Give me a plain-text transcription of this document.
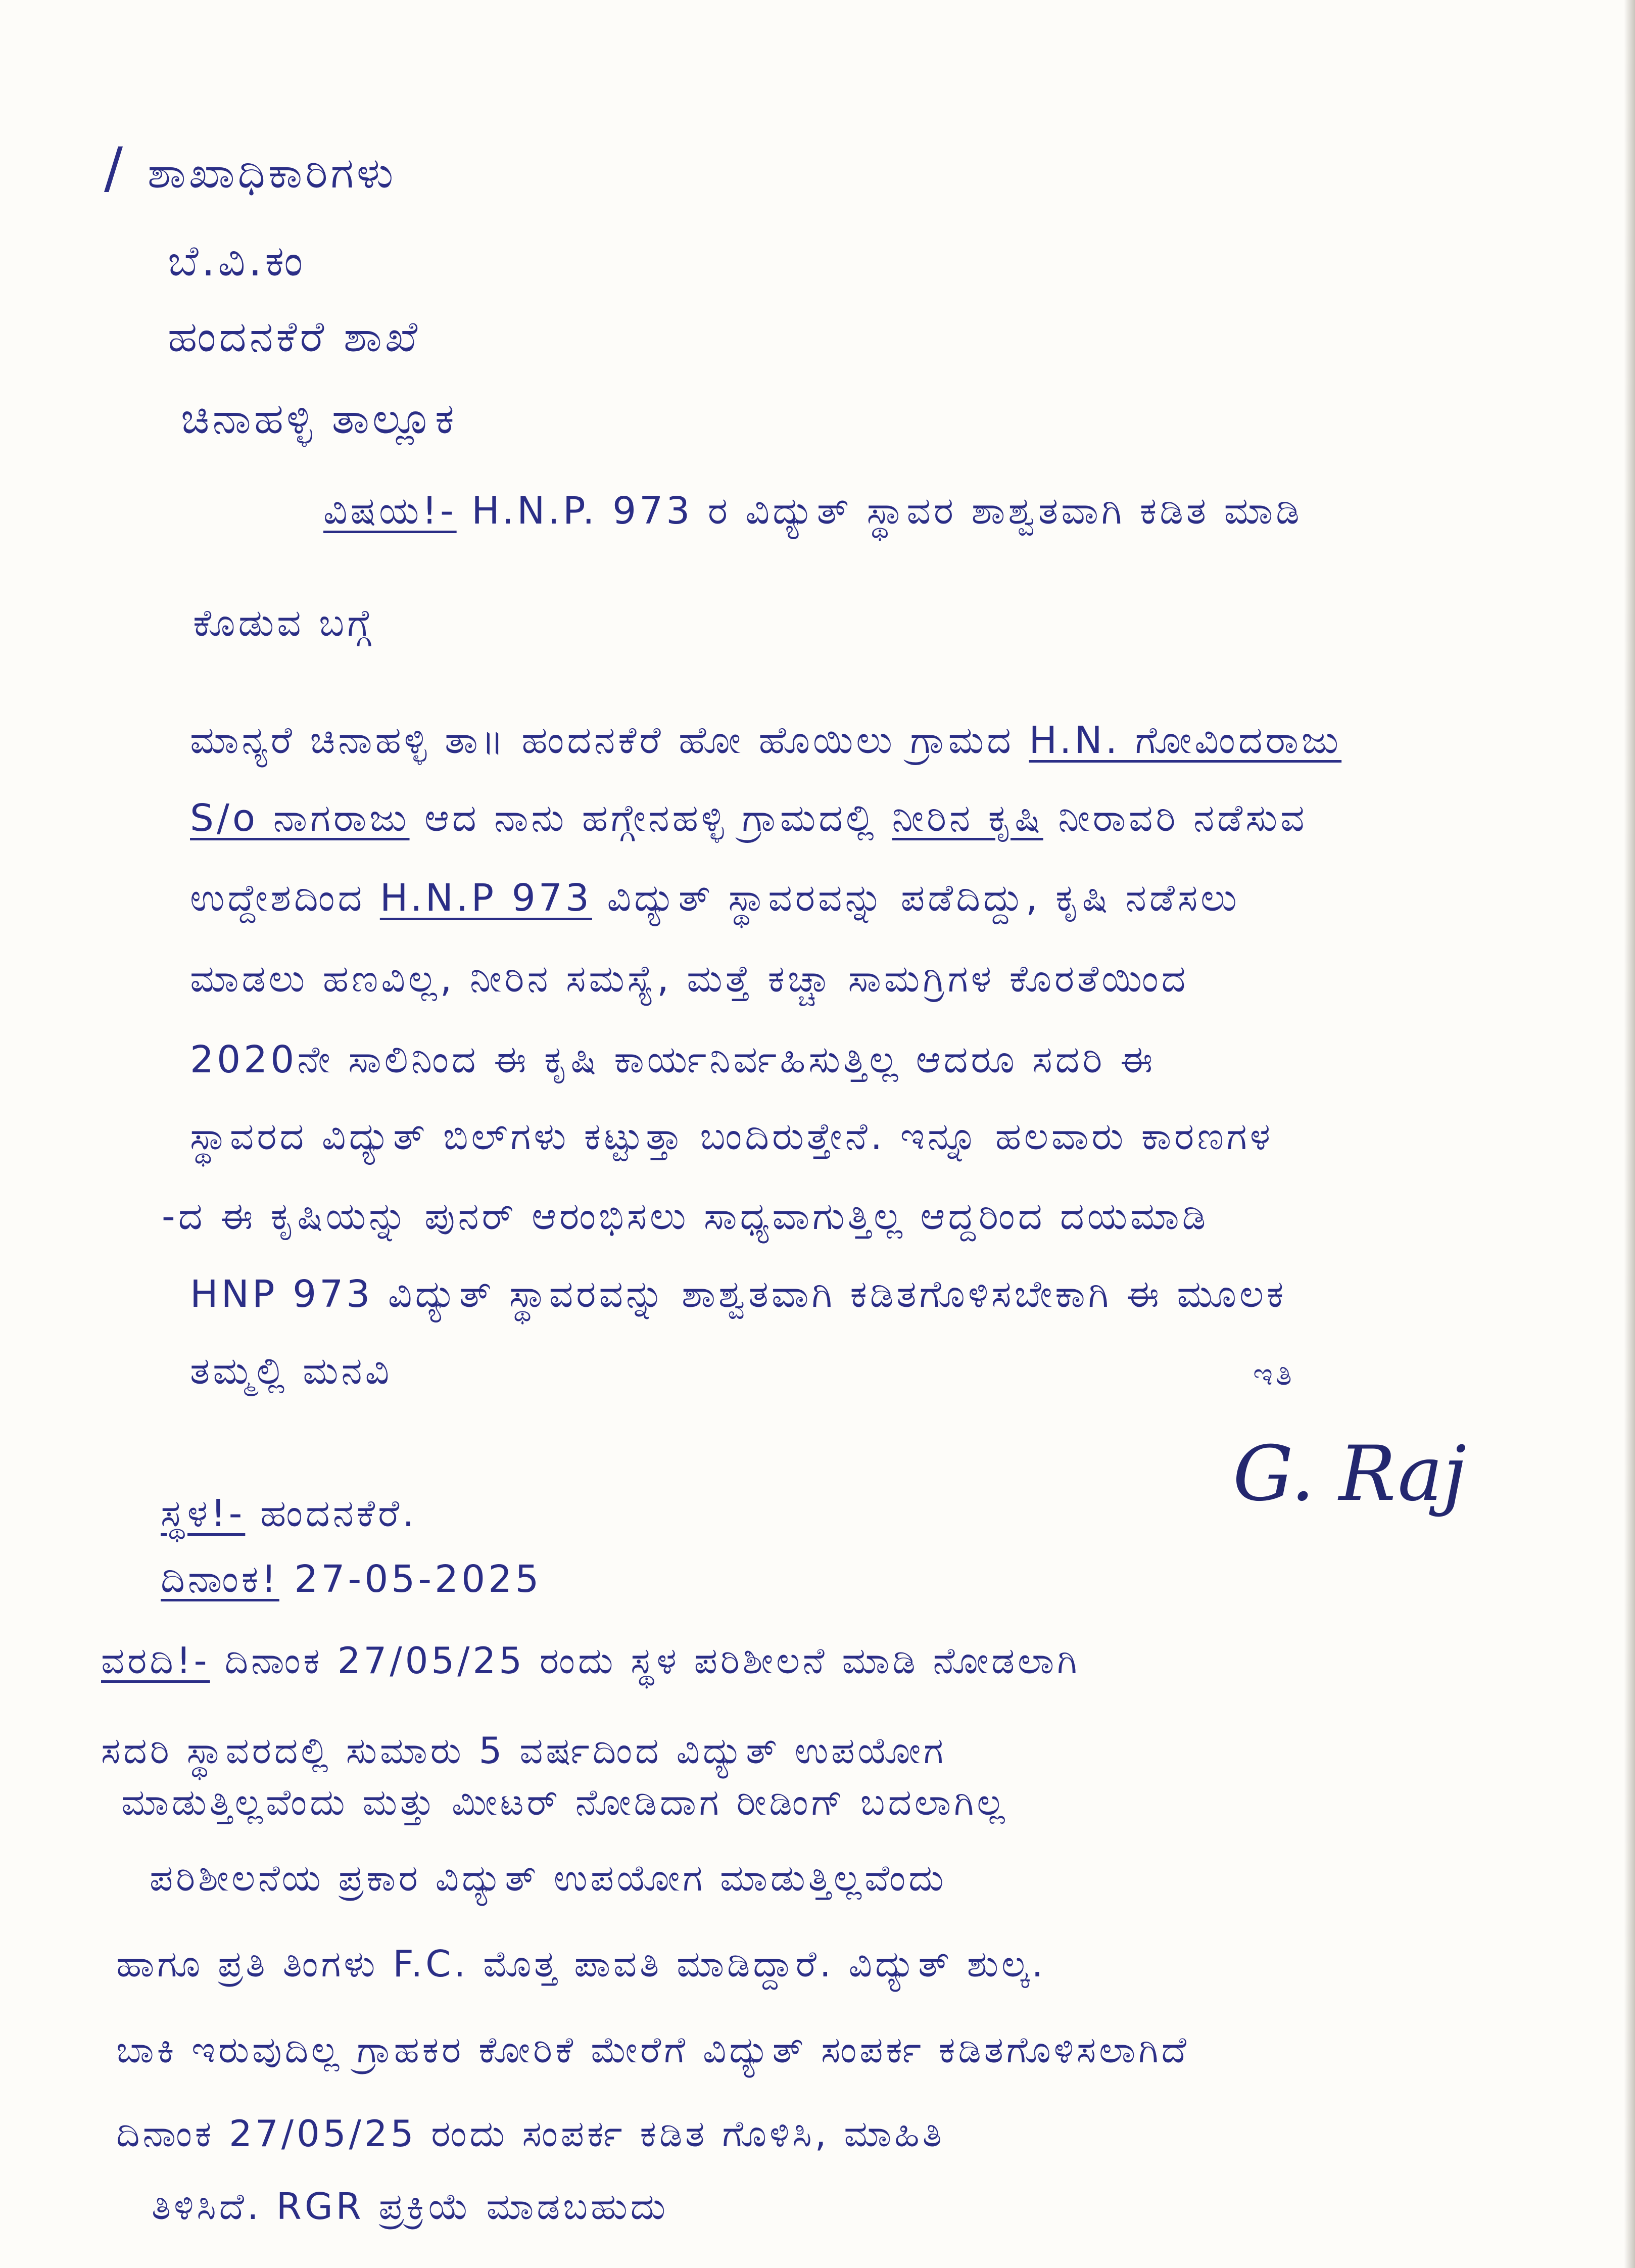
/ ಶಾಖಾಧಿಕಾರಿಗಳು
ಬೆ.ವಿ.ಕಂ
ಹಂದನಕೆರೆ ಶಾಖೆ
ಚಿನಾಹಳ್ಳಿ ತಾಲ್ಲೂಕ
ವಿಷಯ!- H.N.P. 973 ರ ವಿದ್ಯುತ್ ಸ್ಥಾವರ ಶಾಶ್ವತವಾಗಿ ಕಡಿತ ಮಾಡಿ
ಕೊಡುವ ಬಗ್ಗೆ
ಮಾನ್ಯರೆ ಚಿನಾಹಳ್ಳಿ ತಾ॥ ಹಂದನಕೆರೆ ಹೋ ಹೊಯಿಲು ಗ್ರಾಮದ H.N. ಗೋವಿಂದರಾಜು
S/o ನಾಗರಾಜು ಆದ ನಾನು ಹಗ್ಗೇನಹಳ್ಳಿ ಗ್ರಾಮದಲ್ಲಿ ನೀರಿನ ಕೃಷಿ ನೀರಾವರಿ ನಡೆಸುವ
ಉದ್ದೇಶದಿಂದ H.N.P 973 ವಿದ್ಯುತ್ ಸ್ಥಾವರವನ್ನು ಪಡೆದಿದ್ದು, ಕೃಷಿ ನಡೆಸಲು
ಮಾಡಲು ಹಣವಿಲ್ಲ, ನೀರಿನ ಸಮಸ್ಯೆ, ಮತ್ತೆ ಕಚ್ಚಾ ಸಾಮಗ್ರಿಗಳ ಕೊರತೆಯಿಂದ
2020ನೇ ಸಾಲಿನಿಂದ ಈ ಕೃಷಿ ಕಾರ್ಯನಿರ್ವಹಿಸುತ್ತಿಲ್ಲ ಆದರೂ ಸದರಿ ಈ
ಸ್ಥಾವರದ ವಿದ್ಯುತ್ ಬಿಲ್‌ಗಳು ಕಟ್ಟುತ್ತಾ ಬಂದಿರುತ್ತೇನೆ. ಇನ್ನೂ ಹಲವಾರು ಕಾರಣಗಳ
-ದ ಈ ಕೃಷಿಯನ್ನು ಪುನರ್ ಆರಂಭಿಸಲು ಸಾಧ್ಯವಾಗುತ್ತಿಲ್ಲ ಆದ್ದರಿಂದ ದಯಮಾಡಿ
HNP 973 ವಿದ್ಯುತ್ ಸ್ಥಾವರವನ್ನು ಶಾಶ್ವತವಾಗಿ ಕಡಿತಗೊಳಿಸಬೇಕಾಗಿ ಈ ಮೂಲಕ
ತಮ್ಮಲ್ಲಿ ಮನವಿ	ಇತಿ
G. Raj
ಸ್ಥಳ!- ಹಂದನಕೆರೆ.
ದಿನಾಂಕ! 27-05-2025
ವರದಿ!- ದಿನಾಂಕ 27/05/25 ರಂದು ಸ್ಥಳ ಪರಿಶೀಲನೆ ಮಾಡಿ ನೋಡಲಾಗಿ
ಸದರಿ ಸ್ಥಾವರದಲ್ಲಿ ಸುಮಾರು 5 ವರ್ಷದಿಂದ ವಿದ್ಯುತ್ ಉಪಯೋಗ
ಮಾಡುತ್ತಿಲ್ಲವೆಂದು ಮತ್ತು ಮೀಟರ್ ನೋಡಿದಾಗ ರೀಡಿಂಗ್ ಬದಲಾಗಿಲ್ಲ
ಪರಿಶೀಲನೆಯ ಪ್ರಕಾರ ವಿದ್ಯುತ್ ಉಪಯೋಗ ಮಾಡುತ್ತಿಲ್ಲವೆಂದು
ಹಾಗೂ ಪ್ರತಿ ತಿಂಗಳು F.C. ಮೊತ್ತ ಪಾವತಿ ಮಾಡಿದ್ದಾರೆ. ವಿದ್ಯುತ್ ಶುಲ್ಕ.
ಬಾಕಿ ಇರುವುದಿಲ್ಲ ಗ್ರಾಹಕರ ಕೋರಿಕೆ ಮೇರೆಗೆ ವಿದ್ಯುತ್ ಸಂಪರ್ಕ ಕಡಿತಗೊಳಿಸಲಾಗಿದೆ
ದಿನಾಂಕ 27/05/25 ರಂದು ಸಂಪರ್ಕ ಕಡಿತ ಗೊಳಿಸಿ, ಮಾಹಿತಿ
ತಿಳಿಸಿದೆ. RGR ಪ್ರಕ್ರಿಯೆ ಮಾಡಬಹುದು
